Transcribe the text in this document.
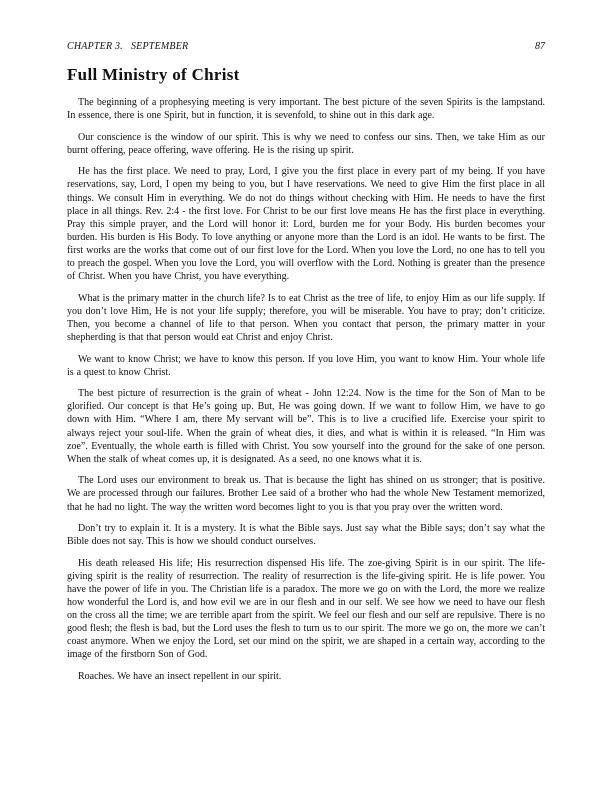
CHAPTER 3.   SEPTEMBER	87
Full Ministry of Christ

The beginning of a prophesying meeting is very important. The best picture of the seven Spirits is the lampstand. In essence, there is one Spirit, but in function, it is sevenfold, to shine out in this dark age.

Our conscience is the window of our spirit. This is why we need to confess our sins. Then, we take Him as our burnt offering, peace offering, wave offering. He is the rising up spirit.

He has the first place. We need to pray, Lord, I give you the first place in every part of my being. If you have reservations, say, Lord, I open my being to you, but I have reservations. We need to give Him the first place in all things. We consult Him in everything. We do not do things without checking with Him. He needs to have the first place in all things. Rev. 2:4 - the first love. For Christ to be our first love means He has the first place in everything. Pray this simple prayer, and the Lord will honor it: Lord, burden me for your Body. His burden becomes your burden. His burden is His Body. To love anything or anyone more than the Lord is an idol. He wants to be first. The first works are the works that come out of our first love for the Lord. When you love the Lord, no one has to tell you to preach the gospel. When you love the Lord, you will overflow with the Lord. Nothing is greater than the presence of Christ. When you have Christ, you have everything.

What is the primary matter in the church life? Is to eat Christ as the tree of life, to enjoy Him as our life supply. If you don’t love Him, He is not your life supply; therefore, you will be miserable. You have to pray; don’t criticize. Then, you become a channel of life to that person. When you contact that person, the primary matter in your shepherding is that that person would eat Christ and enjoy Christ.

We want to know Christ; we have to know this person. If you love Him, you want to know Him. Your whole life is a quest to know Christ.

The best picture of resurrection is the grain of wheat - John 12:24. Now is the time for the Son of Man to be glorified. Our concept is that He’s going up. But, He was going down. If we want to follow Him, we have to go down with Him. “Where I am, there My servant will be”. This is to live a crucified life. Exercise your spirit to always reject your soul-life. When the grain of wheat dies, it dies, and what is within it is released. “In Him was zoe”. Eventually, the whole earth is filled with Christ. You sow yourself into the ground for the sake of one person. When the stalk of wheat comes up, it is designated. As a seed, no one knows what it is.

The Lord uses our environment to break us. That is because the light has shined on us stronger; that is positive. We are processed through our failures. Brother Lee said of a brother who had the whole New Testament memorized, that he had no light. The way the written word becomes light to you is that you pray over the written word.

Don’t try to explain it. It is a mystery. It is what the Bible says. Just say what the Bible says; don’t say what the Bible does not say. This is how we should conduct ourselves.

His death released His life; His resurrection dispensed His life. The zoe-giving Spirit is in our spirit. The life-giving spirit is the reality of resurrection. The reality of resurrection is the life-giving spirit. He is life power. You have the power of life in you. The Christian life is a paradox. The more we go on with the Lord, the more we realize how wonderful the Lord is, and how evil we are in our flesh and in our self. We see how we need to have our flesh on the cross all the time; we are terrible apart from the spirit. We feel our flesh and our self are repulsive. There is no good flesh; the flesh is bad, but the Lord uses the flesh to turn us to our spirit. The more we go on, the more we can’t coast anymore. When we enjoy the Lord, set our mind on the spirit, we are shaped in a certain way, according to the image of the firstborn Son of God.

Roaches. We have an insect repellent in our spirit.
